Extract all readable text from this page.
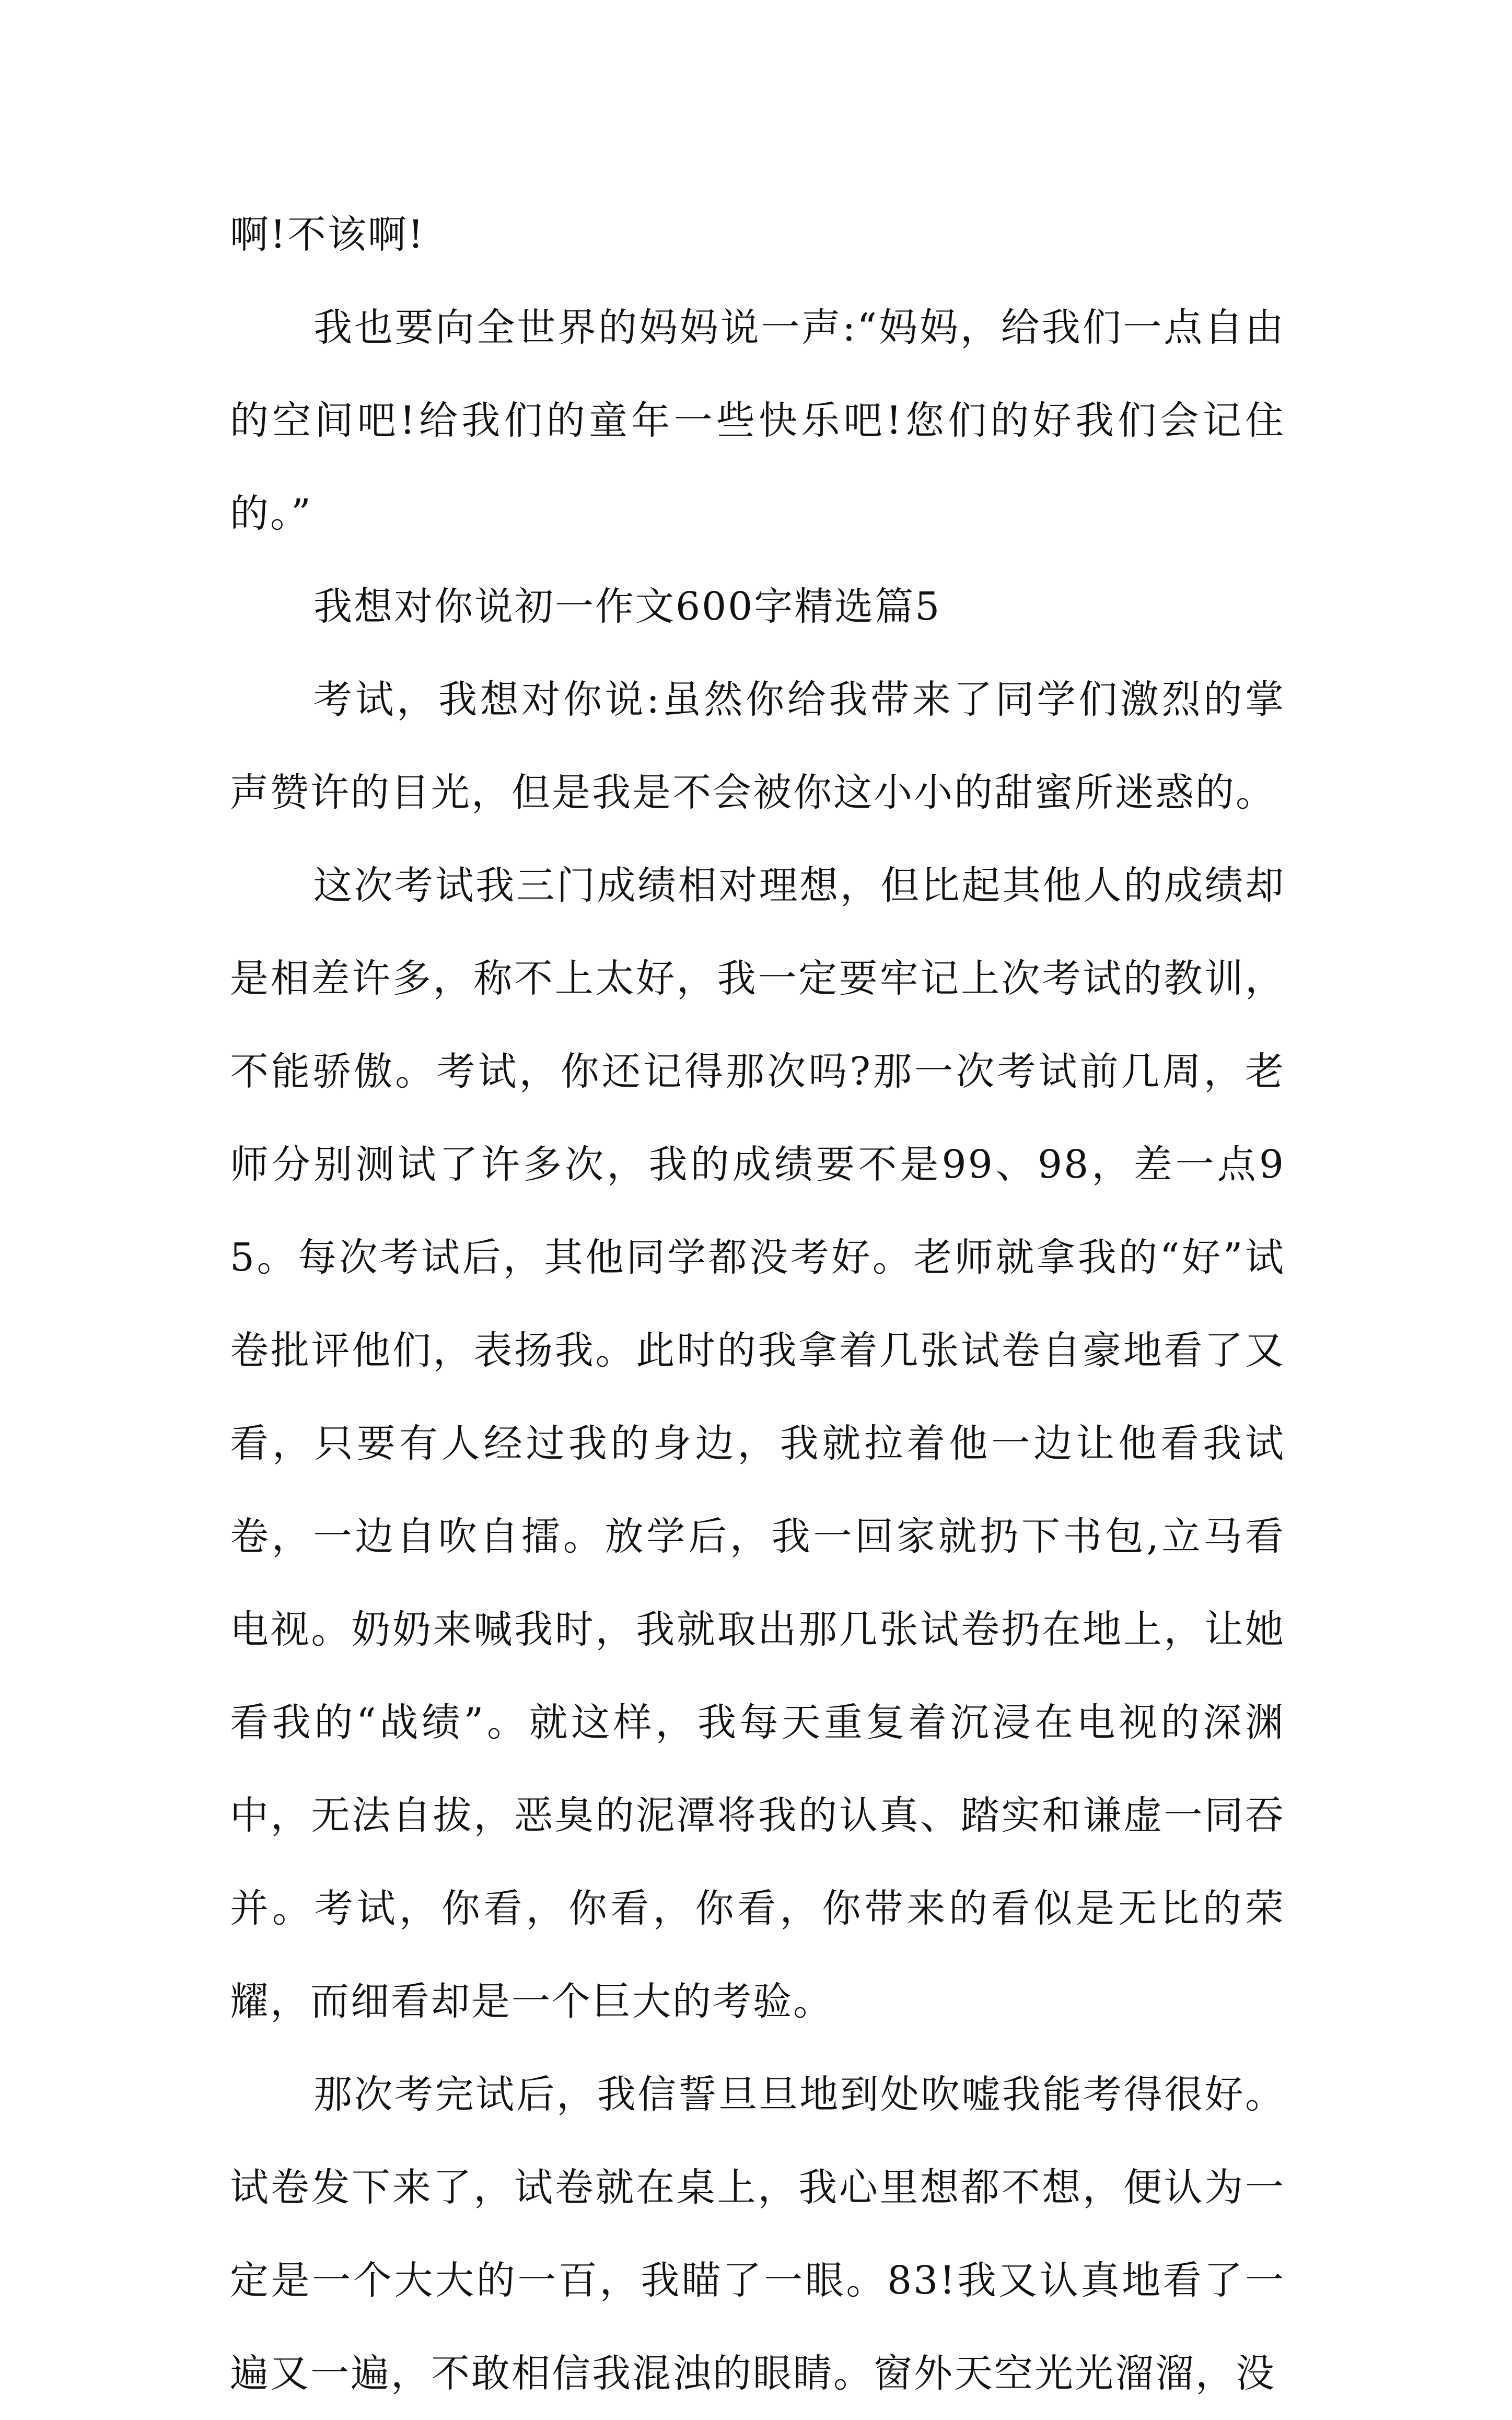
啊!不该啊!

我也要向全世界的妈妈说一声:“妈妈，给我们一点自由的空间吧!给我们的童年一些快乐吧!您们的好我们会记住的。”

我想对你说初一作文600字精选篇5

考试，我想对你说:虽然你给我带来了同学们激烈的掌声赞许的目光，但是我是不会被你这小小的甜蜜所迷惑的。

这次考试我三门成绩相对理想，但比起其他人的成绩却是相差许多，称不上太好，我一定要牢记上次考试的教训，不能骄傲。考试，你还记得那次吗?那一次考试前几周，老师分别测试了许多次，我的成绩要不是99、98，差一点95。每次考试后，其他同学都没考好。老师就拿我的“好”试卷批评他们，表扬我。此时的我拿着几张试卷自豪地看了又看，只要有人经过我的身边，我就拉着他一边让他看我试卷，一边自吹自擂。放学后，我一回家就扔下书包,立马看电视。奶奶来喊我时，我就取出那几张试卷扔在地上，让她看我的“战绩”。就这样，我每天重复着沉浸在电视的深渊中，无法自拔，恶臭的泥潭将我的认真、踏实和谦虚一同吞并。考试，你看，你看，你看，你带来的看似是无比的荣耀，而细看却是一个巨大的考验。

那次考完试后，我信誓旦旦地到处吹嘘我能考得很好。试卷发下来了，试卷就在桌上，我心里想都不想，便认为一定是一个大大的一百，我瞄了一眼。83!我又认真地看了一遍又一遍，不敢相信我混浊的眼睛。窗外天空光光溜溜，没
